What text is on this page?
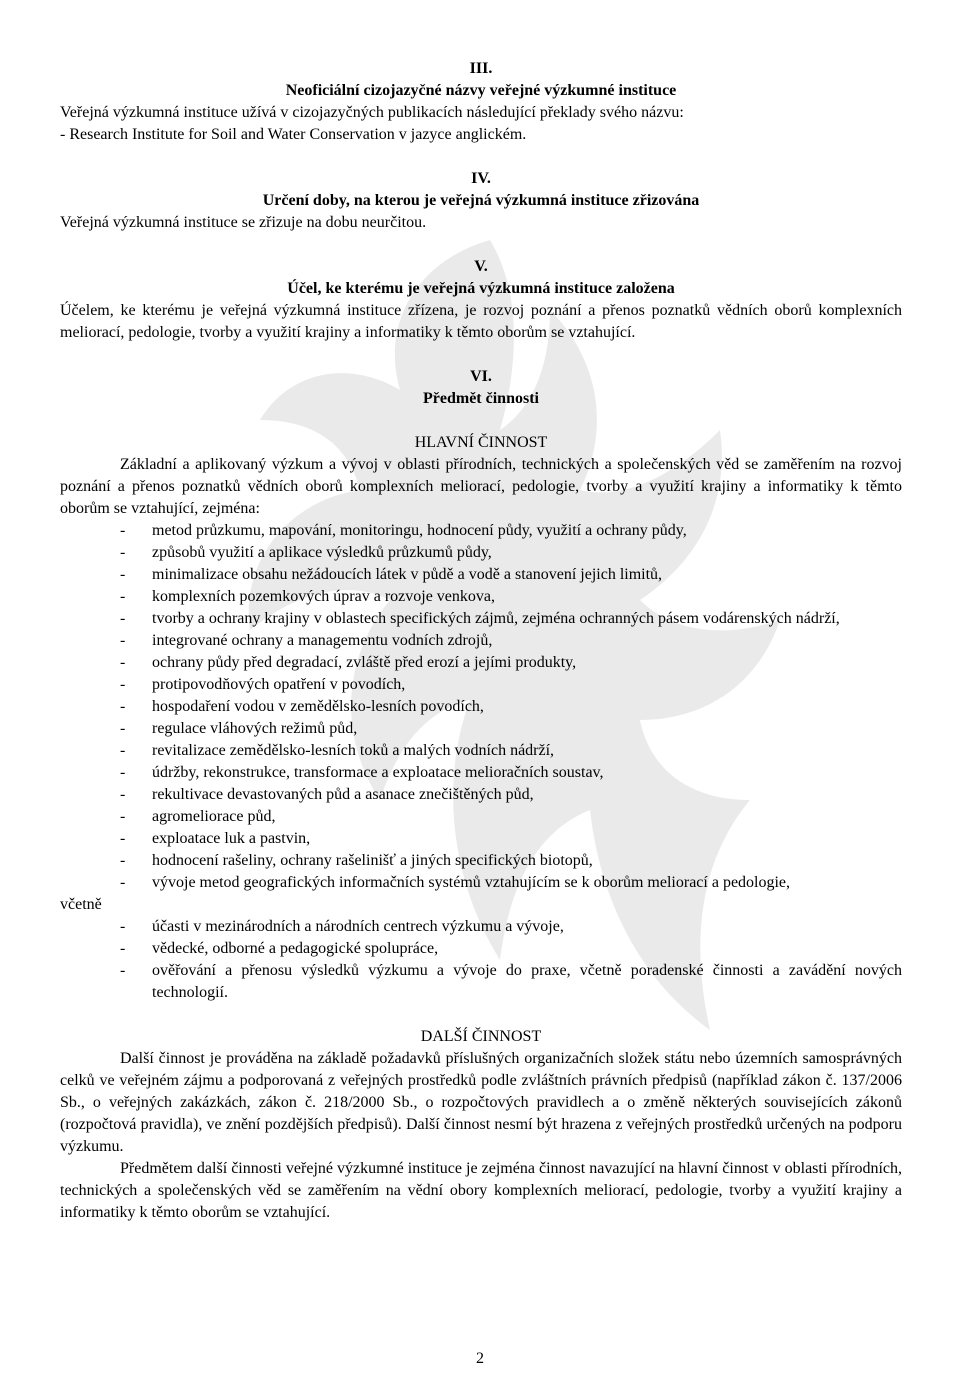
III.
Neoficiální cizojazyčné názvy veřejné výzkumné instituce
Veřejná výzkumná instituce užívá v cizojazyčných publikacích následující překlady svého názvu:
- Research Institute for Soil and Water Conservation v jazyce anglickém.
IV.
Určení doby, na kterou je veřejná výzkumná instituce zřizována
Veřejná výzkumná instituce se zřizuje na dobu neurčitou.
V.
Účel, ke kterému je veřejná výzkumná instituce založena
Účelem, ke kterému je veřejná výzkumná instituce zřízena, je rozvoj poznání a přenos poznatků vědních oborů komplexních meliorací, pedologie, tvorby a využití krajiny a informatiky k těmto oborům se vztahující.
VI.
Předmět činnosti
HLAVNÍ ČINNOST
Základní a aplikovaný výzkum a vývoj v oblasti přírodních, technických a společenských věd se zaměřením na rozvoj poznání a přenos poznatků vědních oborů komplexních meliorací, pedologie, tvorby a využití krajiny a informatiky k těmto oborům se vztahující, zejména:
- metod průzkumu, mapování, monitoringu, hodnocení půdy, využití a ochrany půdy,
- způsobů využití a aplikace výsledků průzkumů půdy,
- minimalizace obsahu nežádoucích látek v půdě a vodě a stanovení jejich limitů,
- komplexních pozemkových úprav a rozvoje venkova,
- tvorby a ochrany krajiny v oblastech specifických zájmů, zejména ochranných pásem vodárenských nádrží,
- integrované ochrany a managementu vodních zdrojů,
- ochrany půdy před degradací, zvláště před erozí a jejími produkty,
- protipovodňových opatření v povodích,
- hospodaření vodou v zemědělsko-lesních povodích,
- regulace vláhových režimů půd,
- revitalizace zemědělsko-lesních toků a malých vodních nádrží,
- údržby, rekonstrukce, transformace a exploatace melioračních soustav,
- rekultivace devastovaných půd a asanace znečištěných půd,
- agromeliorace půd,
- exploatace luk a pastvin,
- hodnocení rašeliny, ochrany rašelinišť a jiných specifických biotopů,
- vývoje metod geografických informačních systémů vztahujícím se k oborům meliorací a pedologie,
včetně
- účasti v mezinárodních a národních centrech výzkumu a vývoje,
- vědecké, odborné a pedagogické spolupráce,
- ověřování a přenosu výsledků výzkumu a vývoje do praxe, včetně poradenské činnosti a zavádění nových technologií.
DALŠÍ ČINNOST
Další činnost je prováděna na základě požadavků příslušných organizačních složek státu nebo územních samosprávných celků ve veřejném zájmu a podporovaná z veřejných prostředků podle zvláštních právních předpisů (například zákon č. 137/2006 Sb., o veřejných zakázkách, zákon č. 218/2000 Sb., o rozpočtových pravidlech a o změně některých souvisejících zákonů (rozpočtová pravidla), ve znění pozdějších předpisů). Další činnost nesmí být hrazena z veřejných prostředků určených na podporu výzkumu.
Předmětem další činnosti veřejné výzkumné instituce je zejména činnost navazující na hlavní činnost v oblasti přírodních, technických a společenských věd se zaměřením na vědní obory komplexních meliorací, pedologie, tvorby a využití krajiny a informatiky k těmto oborům se vztahující.
2
